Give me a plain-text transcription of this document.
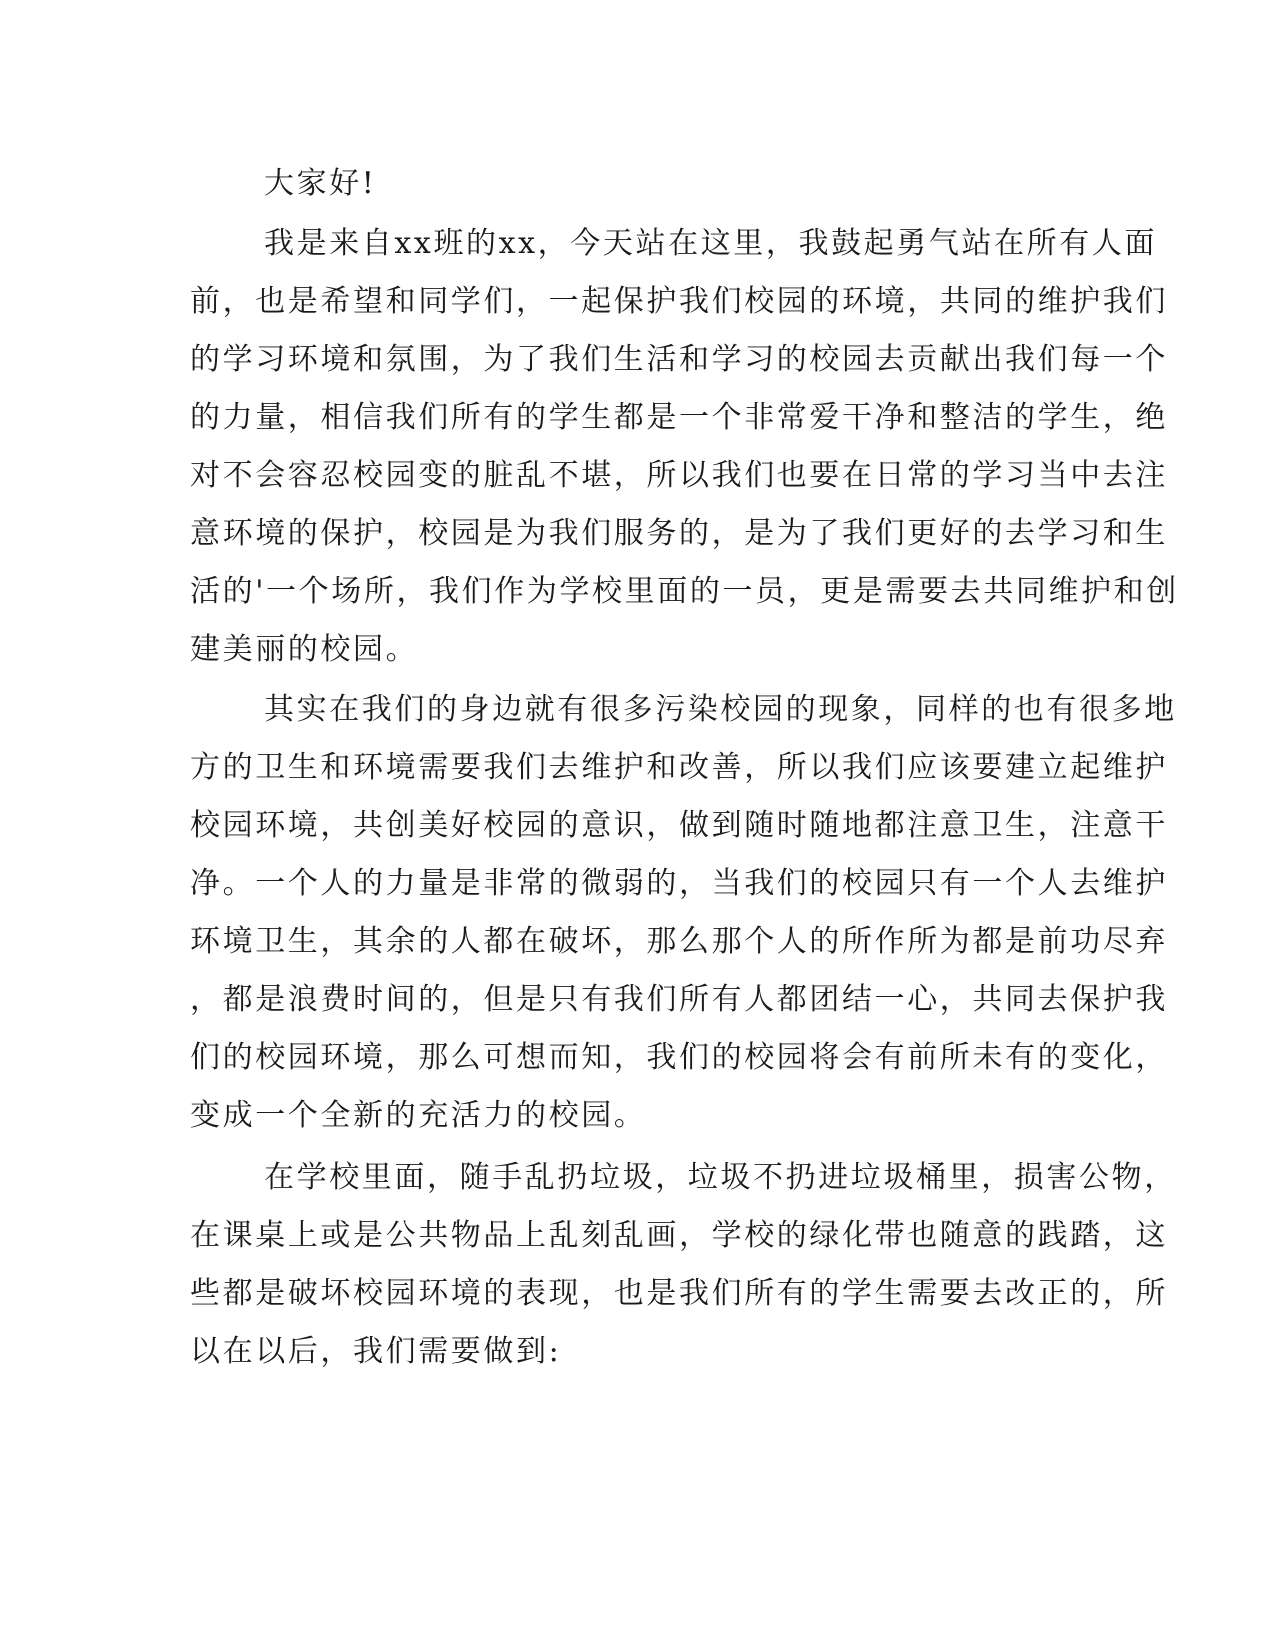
大家好!

我是来自xx班的xx，今天站在这里，我鼓起勇气站在所有人面

前，也是希望和同学们，一起保护我们校园的环境，共同的维护我们

的学习环境和氛围，为了我们生活和学习的校园去贡献出我们每一个

的力量，相信我们所有的学生都是一个非常爱干净和整洁的学生，绝

对不会容忍校园变的脏乱不堪，所以我们也要在日常的学习当中去注

意环境的保护，校园是为我们服务的，是为了我们更好的去学习和生

活的'一个场所，我们作为学校里面的一员，更是需要去共同维护和创

建美丽的校园。

其实在我们的身边就有很多污染校园的现象，同样的也有很多地

方的卫生和环境需要我们去维护和改善，所以我们应该要建立起维护

校园环境，共创美好校园的意识，做到随时随地都注意卫生，注意干

净。一个人的力量是非常的微弱的，当我们的校园只有一个人去维护

环境卫生，其余的人都在破坏，那么那个人的所作所为都是前功尽弃

，都是浪费时间的，但是只有我们所有人都团结一心，共同去保护我

们的校园环境，那么可想而知，我们的校园将会有前所未有的变化，

变成一个全新的充活力的校园。

在学校里面，随手乱扔垃圾，垃圾不扔进垃圾桶里，损害公物，

在课桌上或是公共物品上乱刻乱画，学校的绿化带也随意的践踏，这

些都是破坏校园环境的表现，也是我们所有的学生需要去改正的，所

以在以后，我们需要做到:
